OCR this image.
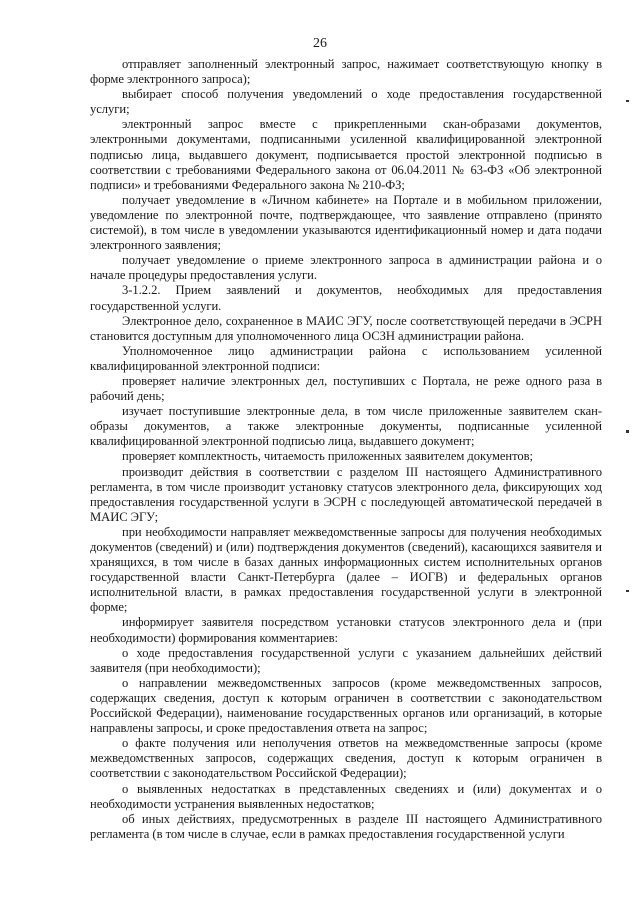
26

отправляет заполненный электронный запрос, нажимает соответствующую кнопку в форме электронного запроса);

выбирает способ получения уведомлений о ходе предоставления государственной услуги;

электронный запрос вместе с прикрепленными скан-образами документов, электронными документами, подписанными усиленной квалифицированной электронной подписью лица, выдавшего документ, подписывается простой электронной подписью в соответствии с требованиями Федерального закона от 06.04.2011 № 63-ФЗ «Об электронной подписи» и требованиями Федерального закона № 210-ФЗ;

получает уведомление в «Личном кабинете» на Портале и в мобильном приложении, уведомление по электронной почте, подтверждающее, что заявление отправлено (принято системой), в том числе в уведомлении указываются идентификационный номер и дата подачи электронного заявления;

получает уведомление о приеме электронного запроса в администрации района и о начале процедуры предоставления услуги.

3-1.2.2. Прием заявлений и документов, необходимых для предоставления государственной услуги.

Электронное дело, сохраненное в МАИС ЭГУ, после соответствующей передачи в ЭСРН становится доступным для уполномоченного лица ОСЗН администрации района.

Уполномоченное лицо администрации района с использованием усиленной квалифицированной электронной подписи:

проверяет наличие электронных дел, поступивших с Портала, не реже одного раза в рабочий день;

изучает поступившие электронные дела, в том числе приложенные заявителем скан-образы документов, а также электронные документы, подписанные усиленной квалифицированной электронной подписью лица, выдавшего документ;

проверяет комплектность, читаемость приложенных заявителем документов;

производит действия в соответствии с разделом III настоящего Административного регламента, в том числе производит установку статусов электронного дела, фиксирующих ход предоставления государственной услуги в ЭСРН с последующей автоматической передачей в МАИС ЭГУ;

при необходимости направляет межведомственные запросы для получения необходимых документов (сведений) и (или) подтверждения документов (сведений), касающихся заявителя и хранящихся, в том числе в базах данных информационных систем исполнительных органов государственной власти Санкт-Петербурга (далее – ИОГВ) и федеральных органов исполнительной власти, в рамках предоставления государственной услуги в электронной форме;

информирует заявителя посредством установки статусов электронного дела и (при необходимости) формирования комментариев:

о ходе предоставления государственной услуги с указанием дальнейших действий заявителя (при необходимости);

о направлении межведомственных запросов (кроме межведомственных запросов, содержащих сведения, доступ к которым ограничен в соответствии с законодательством Российской Федерации), наименование государственных органов или организаций, в которые направлены запросы, и сроке предоставления ответа на запрос;

о факте получения или неполучения ответов на межведомственные запросы (кроме межведомственных запросов, содержащих сведения, доступ к которым ограничен в соответствии с законодательством Российской Федерации);

о выявленных недостатках в представленных сведениях и (или) документах и о необходимости устранения выявленных недостатков;

об иных действиях, предусмотренных в разделе III настоящего Административного регламента (в том числе в случае, если в рамках предоставления государственной услуги
